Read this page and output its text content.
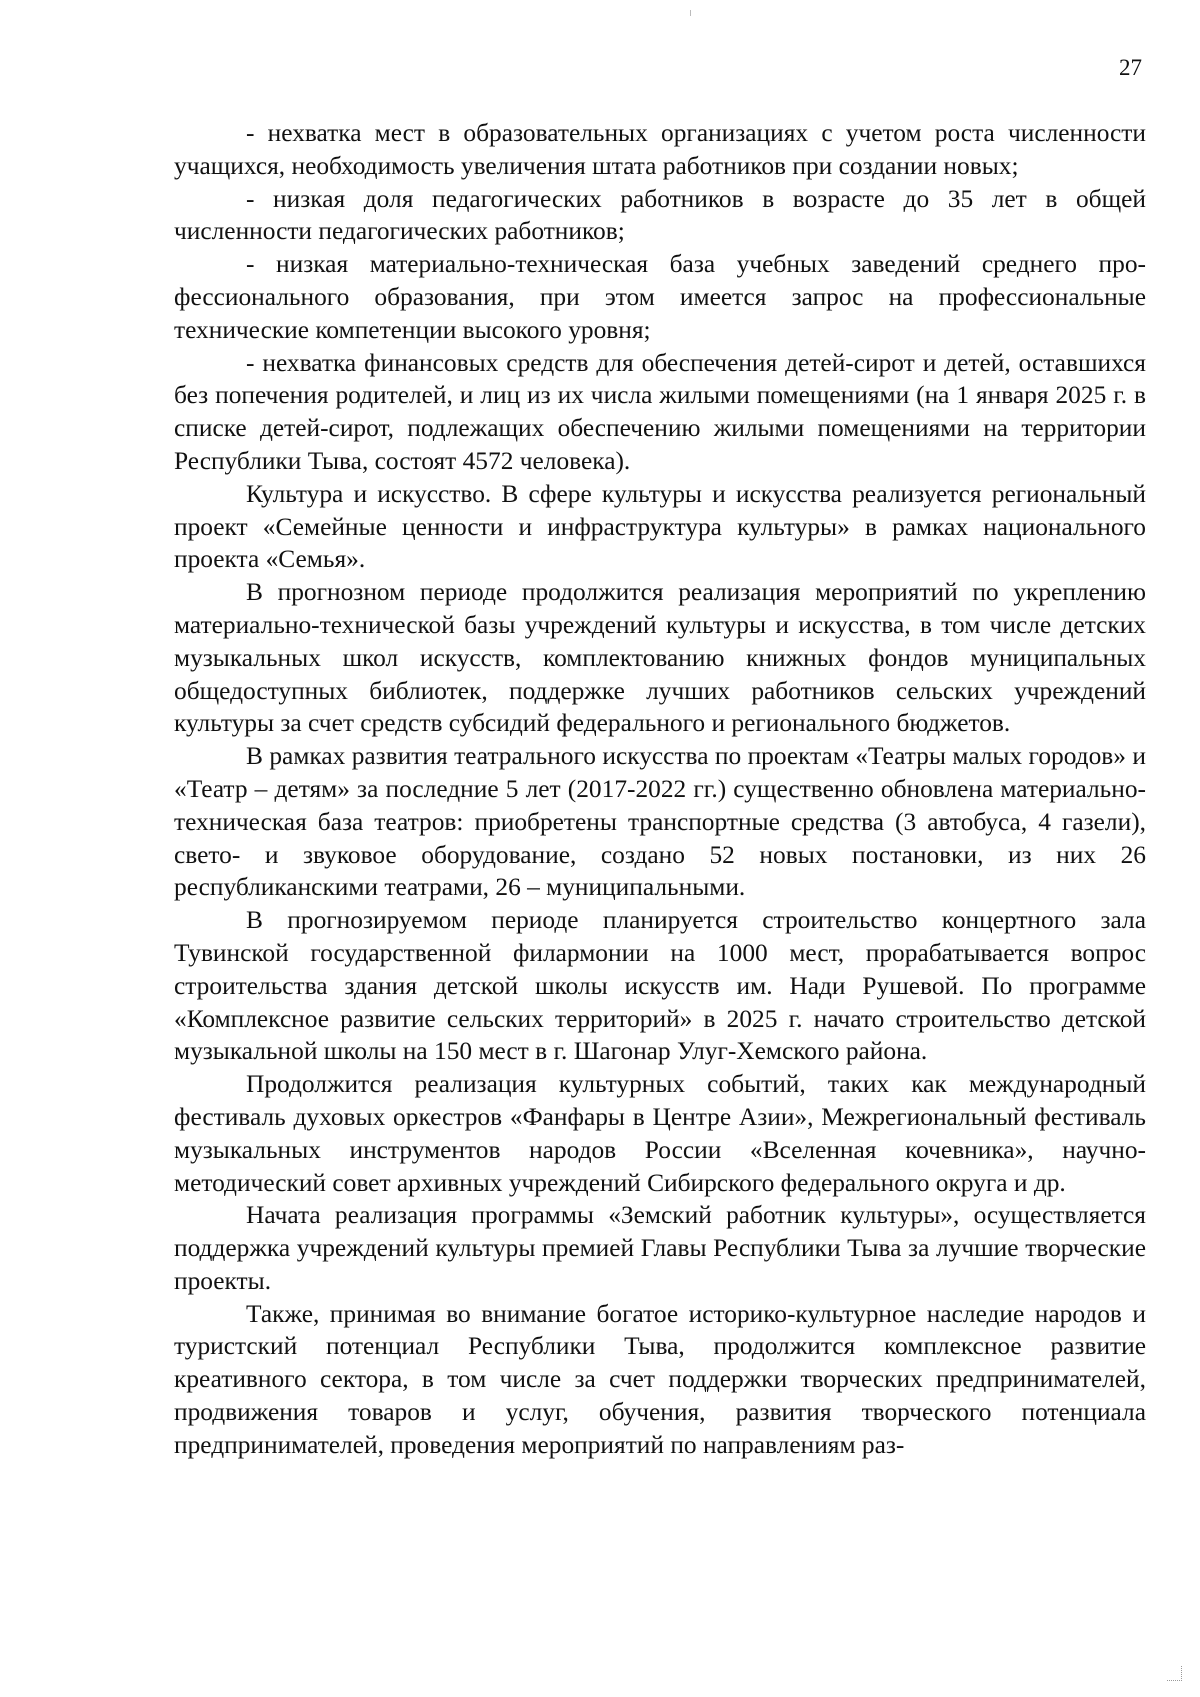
27

- нехватка мест в образовательных организациях с учетом роста численности учащихся, необходимость увеличения штата работников при создании новых;

- низкая доля педагогических работников в возрасте до 35 лет в общей численности педагогических работников;

- низкая материально-техническая база учебных заведений среднего профессионального образования, при этом имеется запрос на профессиональные технические компетенции высокого уровня;

- нехватка финансовых средств для обеспечения детей-сирот и детей, оставшихся без попечения родителей, и лиц из их числа жилыми помещениями (на 1 января 2025 г. в списке детей-сирот, подлежащих обеспечению жилыми помещениями на территории Республики Тыва, состоят 4572 человека).

Культура и искусство. В сфере культуры и искусства реализуется региональный проект «Семейные ценности и инфраструктура культуры» в рамках национального проекта «Семья».

В прогнозном периоде продолжится реализация мероприятий по укреплению материально-технической базы учреждений культуры и искусства, в том числе детских музыкальных школ искусств, комплектованию книжных фондов муниципальных общедоступных библиотек, поддержке лучших работников сельских учреждений культуры за счет средств субсидий федерального и регионального бюджетов.

В рамках развития театрального искусства по проектам «Театры малых городов» и «Театр – детям» за последние 5 лет (2017-2022 гг.) существенно обновлена материально-техническая база театров: приобретены транспортные средства (3 автобуса, 4 газели), свето- и звуковое оборудование, создано 52 новых постановки, из них 26 республиканскими театрами, 26 – муниципальными.

В прогнозируемом периоде планируется строительство концертного зала Тувинской государственной филармонии на 1000 мест, прорабатывается вопрос строительства здания детской школы искусств им. Нади Рушевой. По программе «Комплексное развитие сельских территорий» в 2025 г. начато строительство детской музыкальной школы на 150 мест в г. Шагонар Улуг-Хемского района.

Продолжится реализация культурных событий, таких как международный фестиваль духовых оркестров «Фанфары в Центре Азии», Межрегиональный фестиваль музыкальных инструментов народов России «Вселенная кочевника», научно-методический совет архивных учреждений Сибирского федерального округа и др.

Начата реализация программы «Земский работник культуры», осуществляется поддержка учреждений культуры премией Главы Республики Тыва за лучшие творческие проекты.

Также, принимая во внимание богатое историко-культурное наследие народов и туристский потенциал Республики Тыва, продолжится комплексное развитие креативного сектора, в том числе за счет поддержки творческих предпринимателей, продвижения товаров и услуг, обучения, развития творческого потенциала предпринимателей, проведения мероприятий по направлениям раз-
